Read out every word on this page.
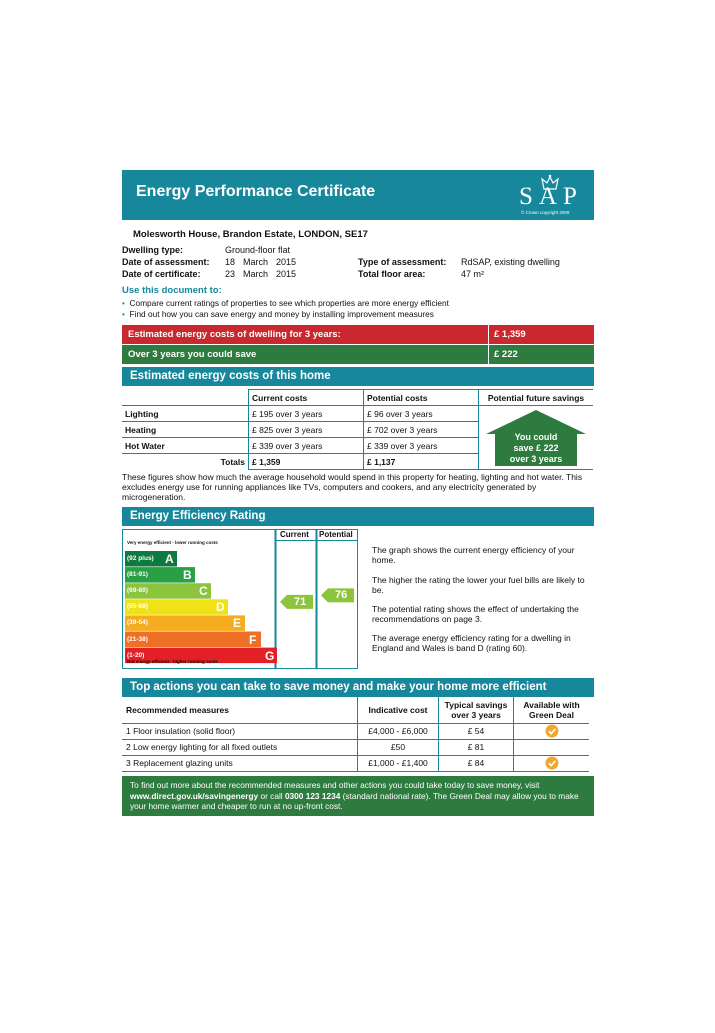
Energy Performance Certificate	SAP
© Crown copyright 2009
Molesworth House, Brandon Estate, LONDON, SE17
Dwelling type:	Ground-floor flat
Date of assessment: 18 March 2015
Date of certificate:	23 March 2015
Type of assessment: RdSAP, existing dwelling
Total floor area:	47 m²
Use this document to:
• Compare current ratings of properties to see which properties are more energy efficient
• Find out how you can save energy and money by installing improvement measures
Estimated energy costs of dwelling for 3 years:	£ 1,359
Over 3 years you could save	£ 222
Estimated energy costs of this home
	Current costs	Potential costs	Potential future savings
Lighting	£ 195 over 3 years	£ 96 over 3 years	You could
save £ 222
over 3 years

Heating	£ 825 over 3 years	£ 702 over 3 years	
Hot Water	£ 339 over 3 years	£ 339 over 3 years	
Totals	£ 1,359	£ 1,137	
These figures show how much the average household would spend in this property for heating, lighting and hot water. This excludes energy use for running appliances like TVs, computers and cookers, and any electricity generated by microgeneration.
Energy Efficiency Rating
Very energy efficient - lower running costs
Not energy efficient - higher running costs
Current Potential
(92 plus) A
(81-91)	B
(69-80)	C
(55-68)	D
(39-54)	E
(21-38)	F
(1-20)	G
71
76
The graph shows the current energy efficiency of your home.
The higher the rating the lower your fuel bills are likely to be.
The potential rating shows the effect of undertaking the recommendations on page 3.
The average energy efficiency rating for a dwelling in England and Wales is band D (rating 60).
Top actions you can take to save money and make your home more efficient
Recommended measures	Indicative cost	Typical savings over 3 years	Available with Green Deal
1 Floor insulation (solid floor)	£4,000 - £6,000	£ 54	
2 Low energy lighting for all fixed outlets	£50	£ 81	
3 Replacement glazing units	£1,000 - £1,400	£ 84	
To find out more about the recommended measures and other actions you could take today to save money, visit www.direct.gov.uk/savingenergy or call 0300 123 1234 (standard national rate). The Green Deal may allow you to make your home warmer and cheaper to run at no up-front cost.
